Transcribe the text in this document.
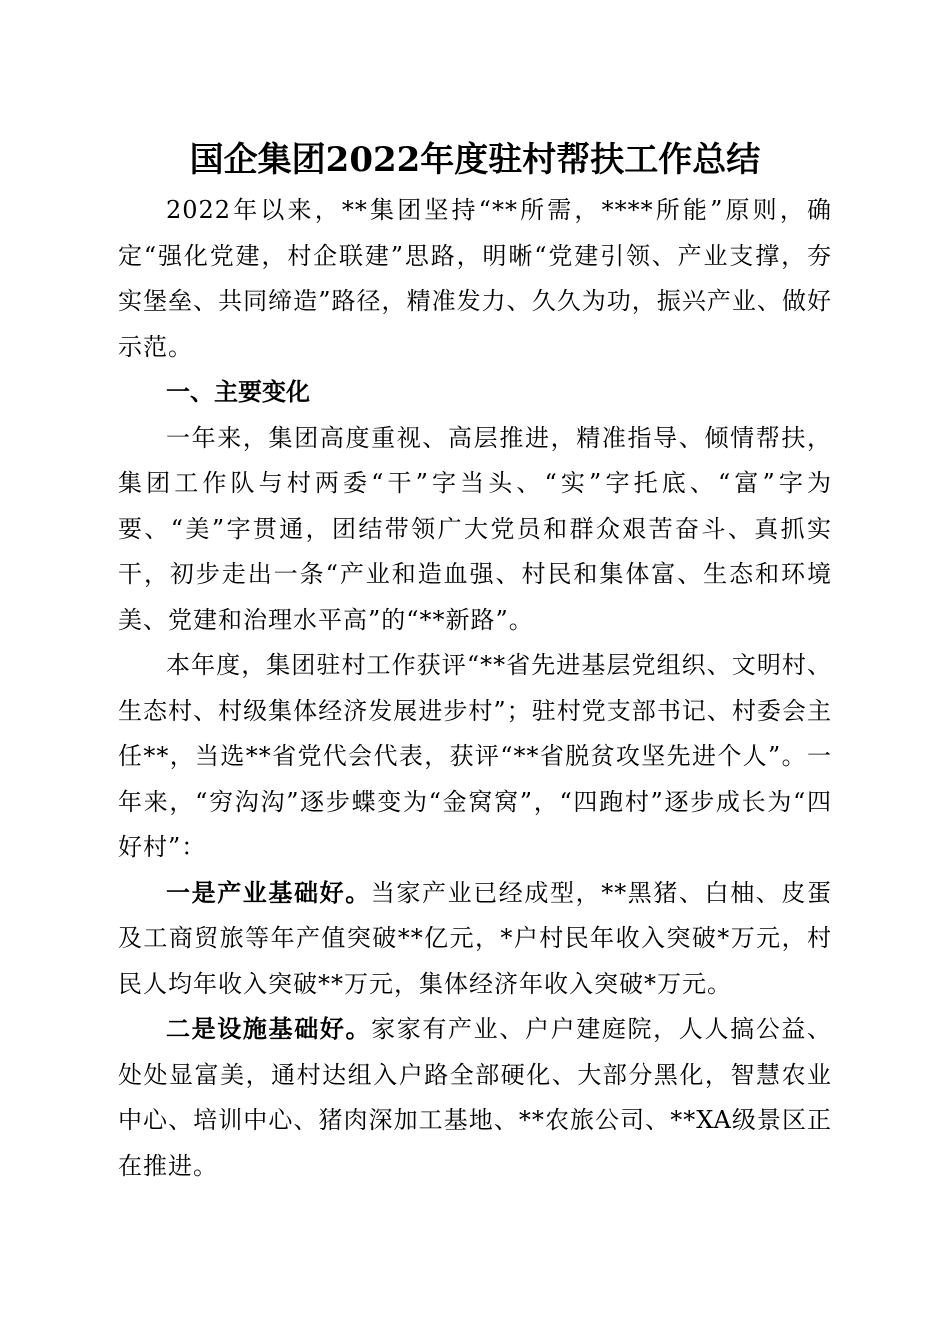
国企集团2022年度驻村帮扶工作总结

2022年以来，**集团坚持“**所需，****所能”原则，确定“强化党建，村企联建”思路，明晰“党建引领、产业支撑，夯实堡垒、共同缔造”路径，精准发力、久久为功，振兴产业、做好示范。

一、主要变化

一年来，集团高度重视、高层推进，精准指导、倾情帮扶，集团工作队与村两委“干”字当头、“实”字托底、“富”字为要、“美”字贯通，团结带领广大党员和群众艰苦奋斗、真抓实干，初步走出一条“产业和造血强、村民和集体富、生态和环境美、党建和治理水平高”的“**新路”。

本年度，集团驻村工作获评“**省先进基层党组织、文明村、生态村、村级集体经济发展进步村”；驻村党支部书记、村委会主任**，当选**省党代会代表，获评“**省脱贫攻坚先进个人”。一年来，“穷沟沟”逐步蝶变为“金窝窝”，“四跑村”逐步成长为“四好村”：

一是产业基础好。当家产业已经成型，**黑猪、白柚、皮蛋及工商贸旅等年产值突破**亿元，*户村民年收入突破*万元，村民人均年收入突破**万元，集体经济年收入突破*万元。

二是设施基础好。家家有产业、户户建庭院，人人搞公益、处处显富美，通村达组入户路全部硬化、大部分黑化，智慧农业中心、培训中心、猪肉深加工基地、**农旅公司、**XA级景区正在推进。
